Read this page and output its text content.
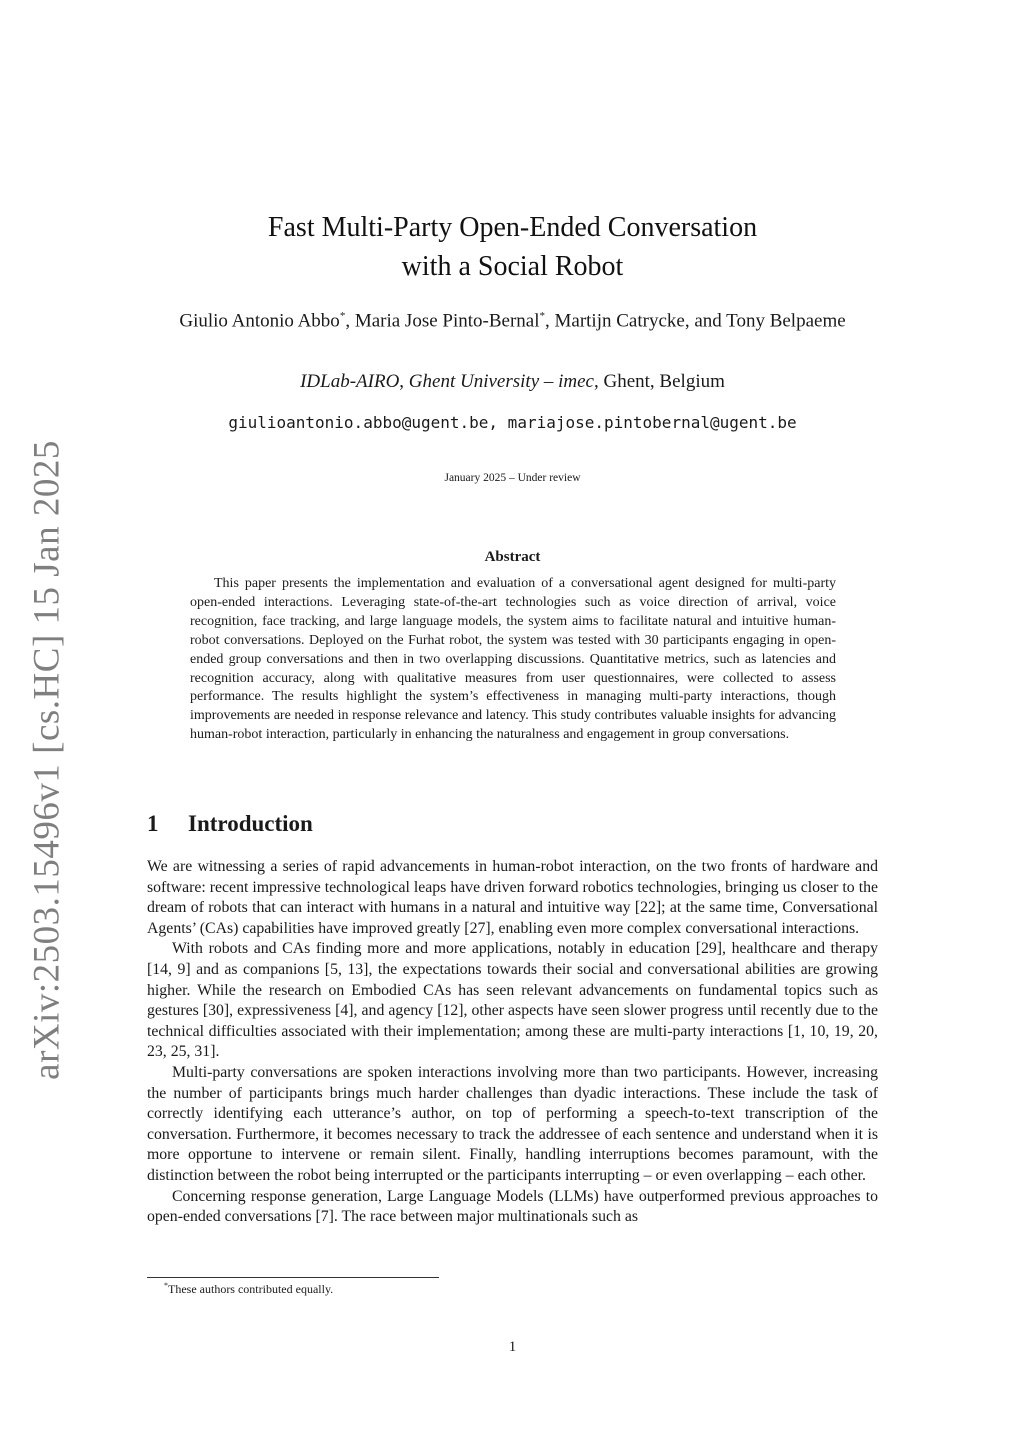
arXiv:2503.15496v1 [cs.HC] 15 Jan 2025
Fast Multi-Party Open-Ended Conversation
with a Social Robot
Giulio Antonio Abbo*, Maria Jose Pinto-Bernal*, Martijn Catrycke, and Tony Belpaeme
IDLab-AIRO, Ghent University – imec, Ghent, Belgium
giulioantonio.abbo@ugent.be, mariajose.pintobernal@ugent.be
January 2025 – Under review
Abstract

This paper presents the implementation and evaluation of a conversational agent designed for multi-party open-ended interactions. Leveraging state-of-the-art technologies such as voice direction of arrival, voice recognition, face tracking, and large language models, the system aims to facilitate natural and intuitive human-robot conversations. Deployed on the Furhat robot, the system was tested with 30 participants engaging in open-ended group conversations and then in two overlapping discussions. Quantitative metrics, such as latencies and recognition accuracy, along with qualitative measures from user questionnaires, were collected to assess performance. The results highlight the system’s effectiveness in managing multi-party interactions, though improvements are needed in response relevance and latency. This study contributes valuable insights for advancing human-robot interaction, particularly in enhancing the naturalness and engagement in group conversations.

1 Introduction

We are witnessing a series of rapid advancements in human-robot interaction, on the two fronts of hardware and software: recent impressive technological leaps have driven forward robotics technologies, bringing us closer to the dream of robots that can interact with humans in a natural and intuitive way [22]; at the same time, Conversational Agents’ (CAs) capabilities have improved greatly [27], enabling even more complex conversational interactions.

With robots and CAs finding more and more applications, notably in education [29], healthcare and therapy [14, 9] and as companions [5, 13], the expectations towards their social and conversational abilities are growing higher. While the research on Embodied CAs has seen relevant advancements on fundamental topics such as gestures [30], expressiveness [4], and agency [12], other aspects have seen slower progress until recently due to the technical difficulties associated with their implementation; among these are multi-party interactions [1, 10, 19, 20, 23, 25, 31].

Multi-party conversations are spoken interactions involving more than two participants. However, increasing the number of participants brings much harder challenges than dyadic interactions. These include the task of correctly identifying each utterance’s author, on top of performing a speech-to-text transcription of the conversation. Furthermore, it becomes necessary to track the addressee of each sentence and understand when it is more opportune to intervene or remain silent. Finally, handling interruptions becomes paramount, with the distinction between the robot being interrupted or the participants interrupting – or even overlapping – each other.

Concerning response generation, Large Language Models (LLMs) have outperformed previous approaches to open-ended conversations [7]. The race between major multinationals such as

*These authors contributed equally.
1
